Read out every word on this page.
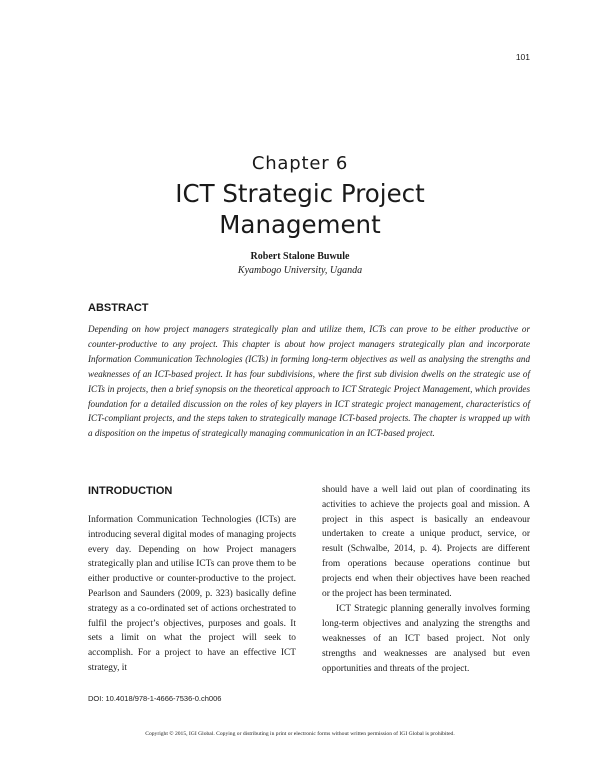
101
Chapter 6
ICT Strategic Project
Management
Robert Stalone Buwule
Kyambogo University, Uganda
ABSTRACT

Depending on how project managers strategically plan and utilize them, ICTs can prove to be either productive or counter-productive to any project. This chapter is about how project managers strategically plan and incorporate Information Communication Technologies (ICTs) in forming long-term objectives as well as analysing the strengths and weaknesses of an ICT-based project. It has four subdivisions, where the first sub division dwells on the strategic use of ICTs in projects, then a brief synopsis on the theoretical approach to ICT Strategic Project Management, which provides foundation for a detailed discussion on the roles of key players in ICT strategic project management, characteristics of ICT-compliant projects, and the steps taken to strategically manage ICT-based projects. The chapter is wrapped up with a disposition on the impetus of strategically managing communication in an ICT-based project.

INTRODUCTION

Information Communication Technologies (ICTs) are introducing several digital modes of managing projects every day. Depending on how Project managers strategically plan and utilise ICTs can prove them to be either productive or counter-productive to the project. Pearlson and Saunders (2009, p. 323) basically define strategy as a co-ordinated set of actions orchestrated to fulfil the project’s objectives, purposes and goals. It sets a limit on what the project will seek to accomplish. For a project to have an effective ICT strategy, it

should have a well laid out plan of coordinating its activities to achieve the projects goal and mission. A project in this aspect is basically an endeavour undertaken to create a unique product, service, or result (Schwalbe, 2014, p. 4). Projects are different from operations because operations continue but projects end when their objectives have been reached or the project has been terminated.

ICT Strategic planning generally involves forming long-term objectives and analyzing the strengths and weaknesses of an ICT based project. Not only strengths and weaknesses are analysed but even opportunities and threats of the project.

DOI: 10.4018/978-1-4666-7536-0.ch006
Copyright © 2015, IGI Global. Copying or distributing in print or electronic forms without written permission of IGI Global is prohibited.
